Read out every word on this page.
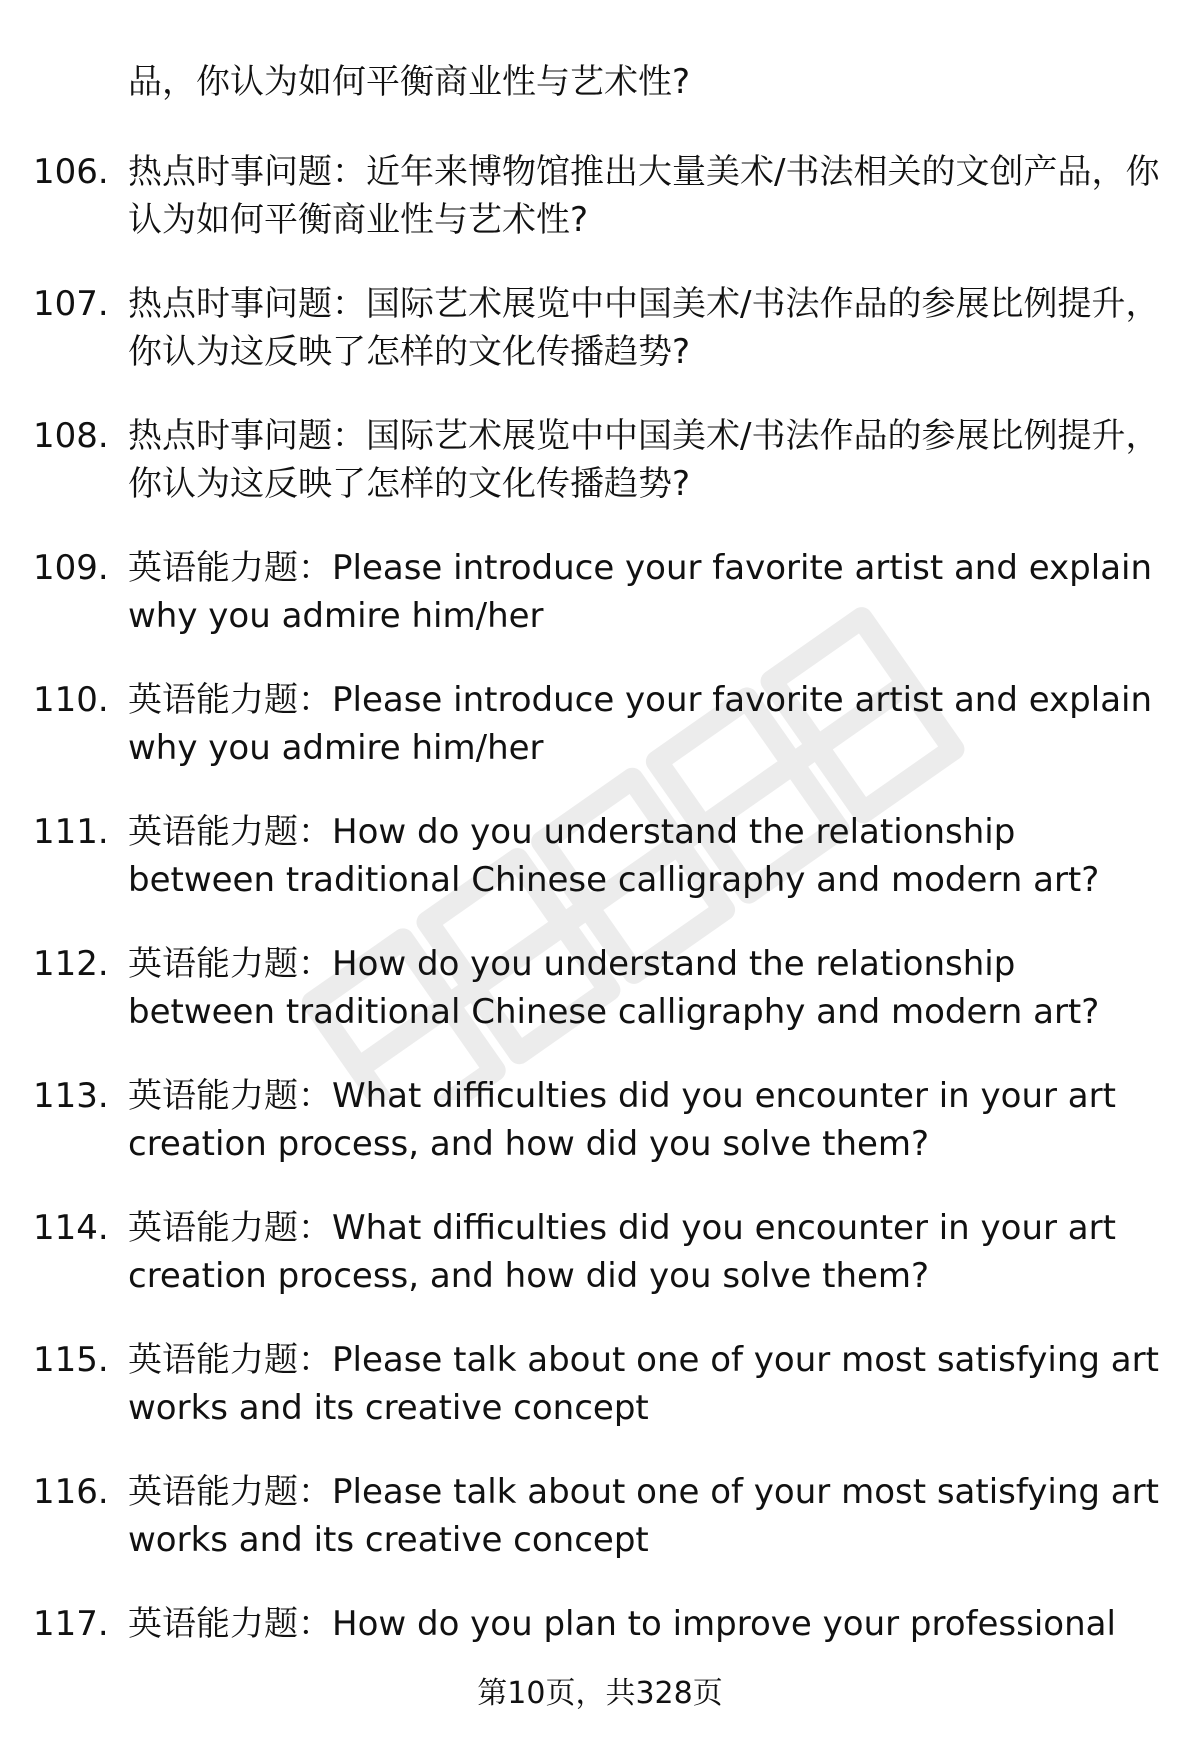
品，你认为如何平衡商业性与艺术性?
106. 热点时事问题：近年来博物馆推出大量美术/书法相关的文创产品，你认为如何平衡商业性与艺术性?
107. 热点时事问题：国际艺术展览中中国美术/书法作品的参展比例提升，你认为这反映了怎样的文化传播趋势?
108. 热点时事问题：国际艺术展览中中国美术/书法作品的参展比例提升，你认为这反映了怎样的文化传播趋势?
109. 英语能力题：Please introduce your favorite artist and explain why you admire him/her
110. 英语能力题：Please introduce your favorite artist and explain why you admire him/her
111. 英语能力题：How do you understand the relationship between traditional Chinese calligraphy and modern art?
112. 英语能力题：How do you understand the relationship between traditional Chinese calligraphy and modern art?
113. 英语能力题：What difficulties did you encounter in your art creation process, and how did you solve them?
114. 英语能力题：What difficulties did you encounter in your art creation process, and how did you solve them?
115. 英语能力题：Please talk about one of your most satisfying art works and its creative concept
116. 英语能力题：Please talk about one of your most satisfying art works and its creative concept
117. 英语能力题：How do you plan to improve your professional
第10页，共328页
